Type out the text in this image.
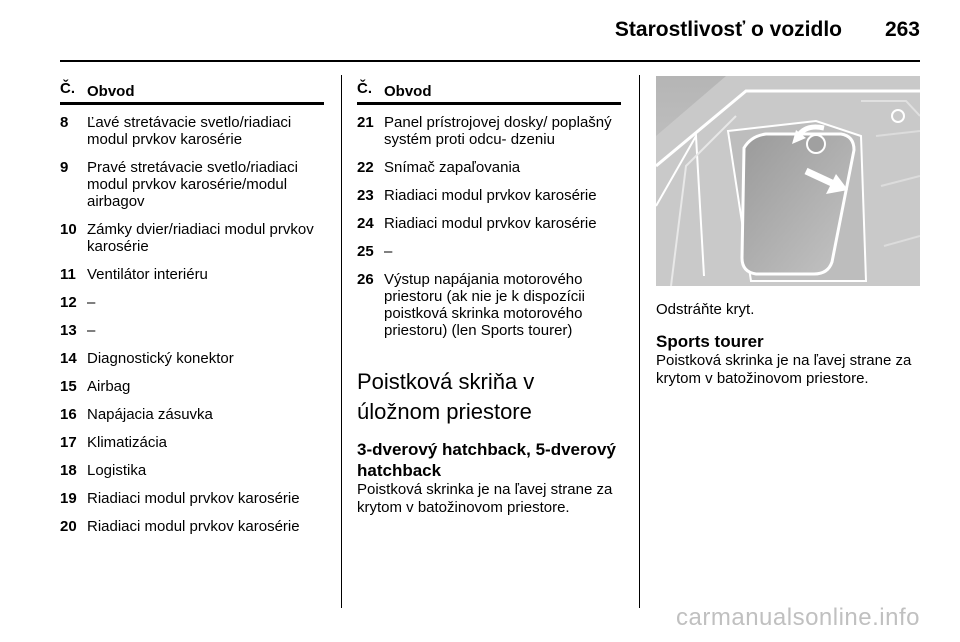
Starostlivosť o vozidlo 263
Č. Obvod
8	Ľavé stretávacie svetlo/riadiaci modul prvkov karosérie
9	Pravé stretávacie svetlo/riadiaci modul prvkov karosérie/modul airbagov
10 Zámky dvier/riadiaci modul prvkov karosérie
11 Ventilátor interiéru
12 –
13 –
14 Diagnostický konektor
15 Airbag
16 Napájacia zásuvka
17 Klimatizácia
18 Logistika
19 Riadiaci modul prvkov karosérie
20 Riadiaci modul prvkov karosérie
Č. Obvod
21 Panel prístrojovej dosky/ poplašný systém proti odcu- dzeniu
22 Snímač zapaľovania
23 Riadiaci modul prvkov karosérie
24 Riadiaci modul prvkov karosérie
25 –
26 Výstup napájania motorového priestoru (ak nie je k dispozícii poistková skrinka motorového priestoru) (len Sports tourer)
Poistková skriňa v úložnom priestore
3-dverový hatchback, 5-dverový hatchback

Poistková skrinka je na ľavej strane za krytom v batožinovom priestore.

Odstráňte kryt.
Sports tourer

Poistková skrinka je na ľavej strane za krytom v batožinovom priestore.

carmanualsonline.info
